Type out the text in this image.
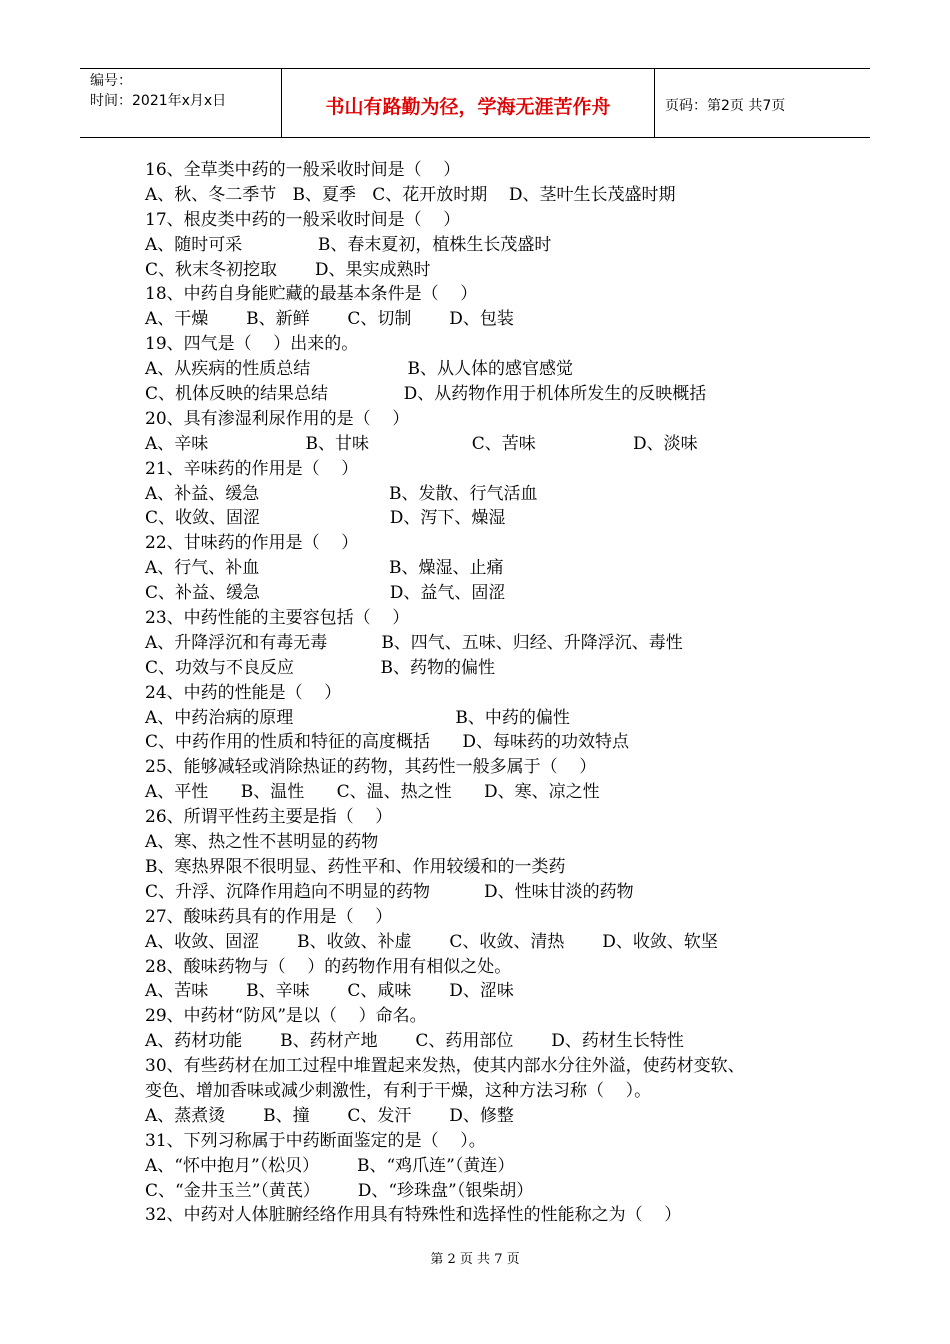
编号：
时间：2021年x月x日	书山有路勤为径，学海无涯苦作舟	页码：第2页 共7页
16、全草类中药的一般采收时间是（    ）
A、秋、冬二季节   B、夏季   C、花开放时期    D、茎叶生长茂盛时期
17、根皮类中药的一般采收时间是（    ）
A、随时可采              B、春末夏初，植株生长茂盛时
C、秋末冬初挖取       D、果实成熟时
18、中药自身能贮藏的最基本条件是（    ）
A、干燥       B、新鲜       C、切制       D、包装
19、四气是（    ）出来的。
A、从疾病的性质总结                  B、从人体的感官感觉
C、机体反映的结果总结              D、从药物作用于机体所发生的反映概括
20、具有渗湿利尿作用的是（    ）
A、辛味                  B、甘味                   C、苦味                  D、淡味
21、辛味药的作用是（    ）
A、补益、缓急                        B、发散、行气活血
C、收敛、固涩                        D、泻下、燥湿
22、甘味药的作用是（    ）
A、行气、补血                        B、燥湿、止痛
C、补益、缓急                        D、益气、固涩
23、中药性能的主要容包括（    ）
A、升降浮沉和有毒无毒          B、四气、五味、归经、升降浮沉、毒性
C、功效与不良反应                B、药物的偏性
24、中药的性能是（    ）
A、中药治病的原理                              B、中药的偏性
C、中药作用的性质和特征的高度概括      D、每味药的功效特点
25、能够减轻或消除热证的药物，其药性一般多属于（    ）
A、平性      B、温性      C、温、热之性      D、寒、凉之性
26、所谓平性药主要是指（    ）
A、寒、热之性不甚明显的药物
B、寒热界限不很明显、药性平和、作用较缓和的一类药
C、升浮、沉降作用趋向不明显的药物          D、性味甘淡的药物
27、酸味药具有的作用是（    ）
A、收敛、固涩       B、收敛、补虚       C、收敛、清热       D、收敛、软坚
28、酸味药物与（    ）的药物作用有相似之处。
A、苦味       B、辛味       C、咸味       D、涩味
29、中药材“防风”是以（    ）命名。
A、药材功能       B、药材产地       C、药用部位       D、药材生长特性
30、有些药材在加工过程中堆置起来发热，使其内部水分往外溢，使药材变软、
变色、增加香味或减少刺激性，有利于干燥，这种方法习称（    ）。
A、蒸煮烫       B、撞       C、发汗       D、修整
31、下列习称属于中药断面鉴定的是（    ）。
A、“怀中抱月”（松贝）       B、“鸡爪连”（黄连）
C、“金井玉兰”（黄芪）       D、“珍珠盘”（银柴胡）
32、中药对人体脏腑经络作用具有特殊性和选择性的性能称之为（    ）
第 2 页 共 7 页
